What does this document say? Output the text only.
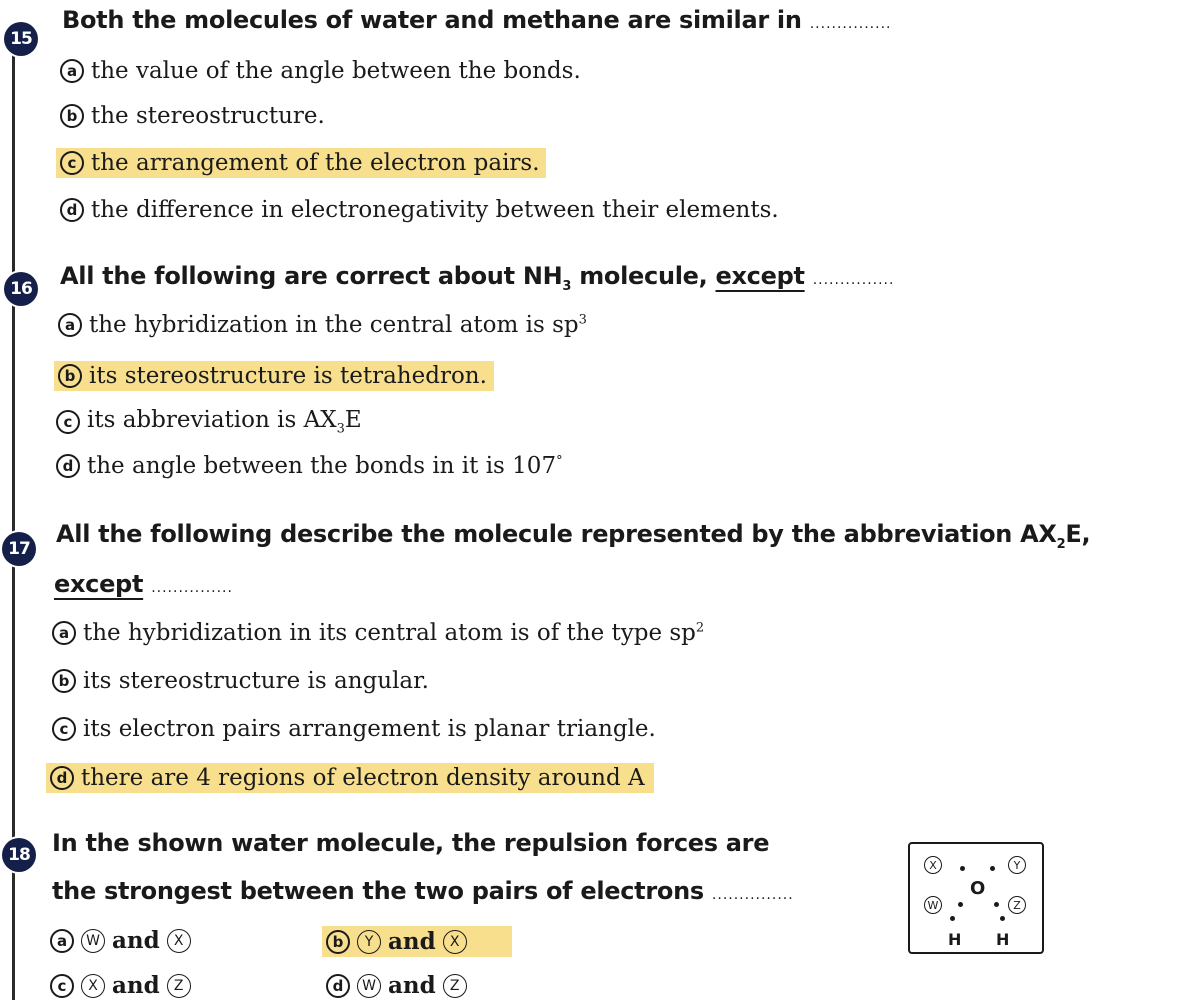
15
Both the molecules of water and methane are similar in ...............
a the value of the angle between the bonds.
b the stereostructure.
c the arrangement of the electron pairs.
d the difference in electronegativity between their elements.
16 All the following are correct about $NH_3$ molecule, except ...............
a the hybridization in the central atom is $sp^3$
b its stereostructure is tetrahedron.
c its abbreviation is $AX_3E$
d the angle between the bonds in it is 107°
17
All the following describe the molecule represented by the abbreviation $AX_2E$,
except ...............
a the hybridization in its central atom is of the type $sp^2$
b its stereostructure is angular.
c its electron pairs arrangement is planar triangle.
d there are 4 regions of electron density around A
18 In the shown water molecule, the repulsion forces are
the strongest between the two pairs of electrons ...............
a	W and	X	b	Y and	X
c	X and	Z	d	W and	Z
X	Y
W
O
Z
H H
